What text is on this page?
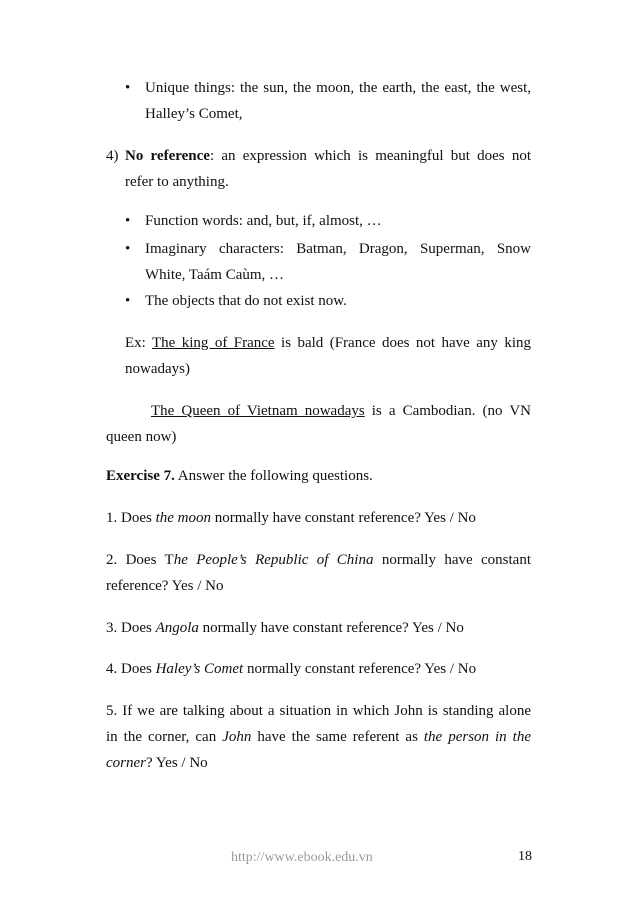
• Unique things: the sun, the moon, the earth, the east, the west,
Halley’s Comet,
4) No reference: an expression which is meaningful but does not
refer to anything.
• Function words: and, but, if, almost, …
• Imaginary characters: Batman, Dragon, Superman, Snow
White, Taám Caùm, …
• The objects that do not exist now.
Ex: The king of France is bald (France does not have any king
nowadays)
The Queen of Vietnam nowadays is a Cambodian. (no VN
queen now)
Exercise 7. Answer the following questions.
1. Does the moon normally have constant reference? Yes / No
2. Does The People’s Republic of China normally have constant
reference? Yes / No
3. Does Angola normally have constant reference? Yes / No
4. Does Haley’s Comet normally constant reference? Yes / No
5. If we are talking about a situation in which John is standing alone
in the corner, can John have the same referent as the person in the
corner? Yes / No
http://www.ebook.edu.vn	18
